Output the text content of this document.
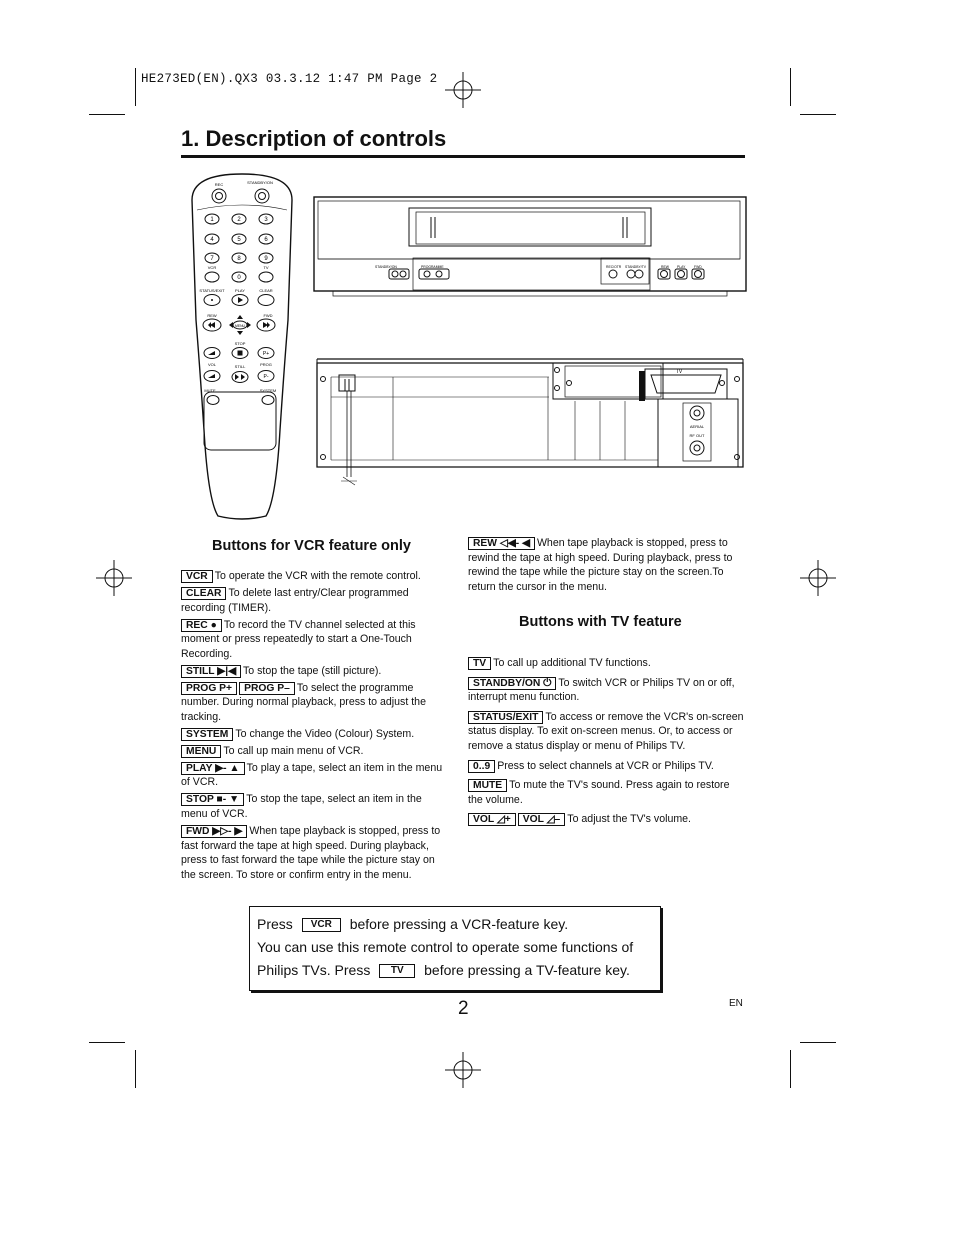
HE273ED(EN).QX3 03.3.12 1:47 PM Page 2
1. Description of controls
REC	STANDBY/ON
1	2	3
4	5	6
7	8	9
VCR
0
TV
STATUS/EXIT	PLAY	CLEAR
REW	FWD
MENU
STOP
P+
VOL	STILL	PROG
P-
MUTE	SYSTEM
STANDBY/ON	PROGRAMME	REC/OTR STANDBY/TV	REW PLAY	FWD
TV
AERIAL
RF OUT
Buttons for VCR feature only
VCR To operate the VCR with the remote control.
CLEAR To delete last entry/Clear programmed recording (TIMER).
REC ● To record the TV channel selected at this moment or press repeatedly to start a One-Touch Recording.
STILL ▶|◀ To stop the tape (still picture).
PROG P+ PROG P– To select the programme number. During normal playback, press to adjust the tracking.
SYSTEM To change the Video (Colour) System.
MENU To call up main menu of VCR.
PLAY ▶- ▲ To play a tape, select an item in the menu of VCR.
STOP ■- ▼ To stop the tape, select an item in the menu of VCR.
FWD ▶▷- ▶ When tape playback is stopped, press to fast forward the tape at high speed. During playback, press to fast forward the tape while the picture stay on the screen. To store or confirm entry in the menu.
REW ◁◀- ◀ When tape playback is stopped, press to rewind the tape at high speed. During playback, press to rewind the tape while the picture stay on the screen.To return the cursor in the menu.
Buttons with TV feature
TV To call up additional TV functions.
STANDBY/ON ⏻ To switch VCR or Philips TV on or off, interrupt menu function.
STATUS/EXIT To access or remove the VCR's on-screen status display. To exit on-screen menus. Or, to access or remove a status display or menu of Philips TV.
0..9 Press to select channels at VCR or Philips TV.
MUTE To mute the TV's sound. Press again to restore the volume.
VOL ◿+ VOL ◿– To adjust the TV's volume.
Press VCR before pressing a VCR-feature key.
You can use this remote control to operate some functions of
Philips TVs. Press TV before pressing a TV-feature key.
2	EN
